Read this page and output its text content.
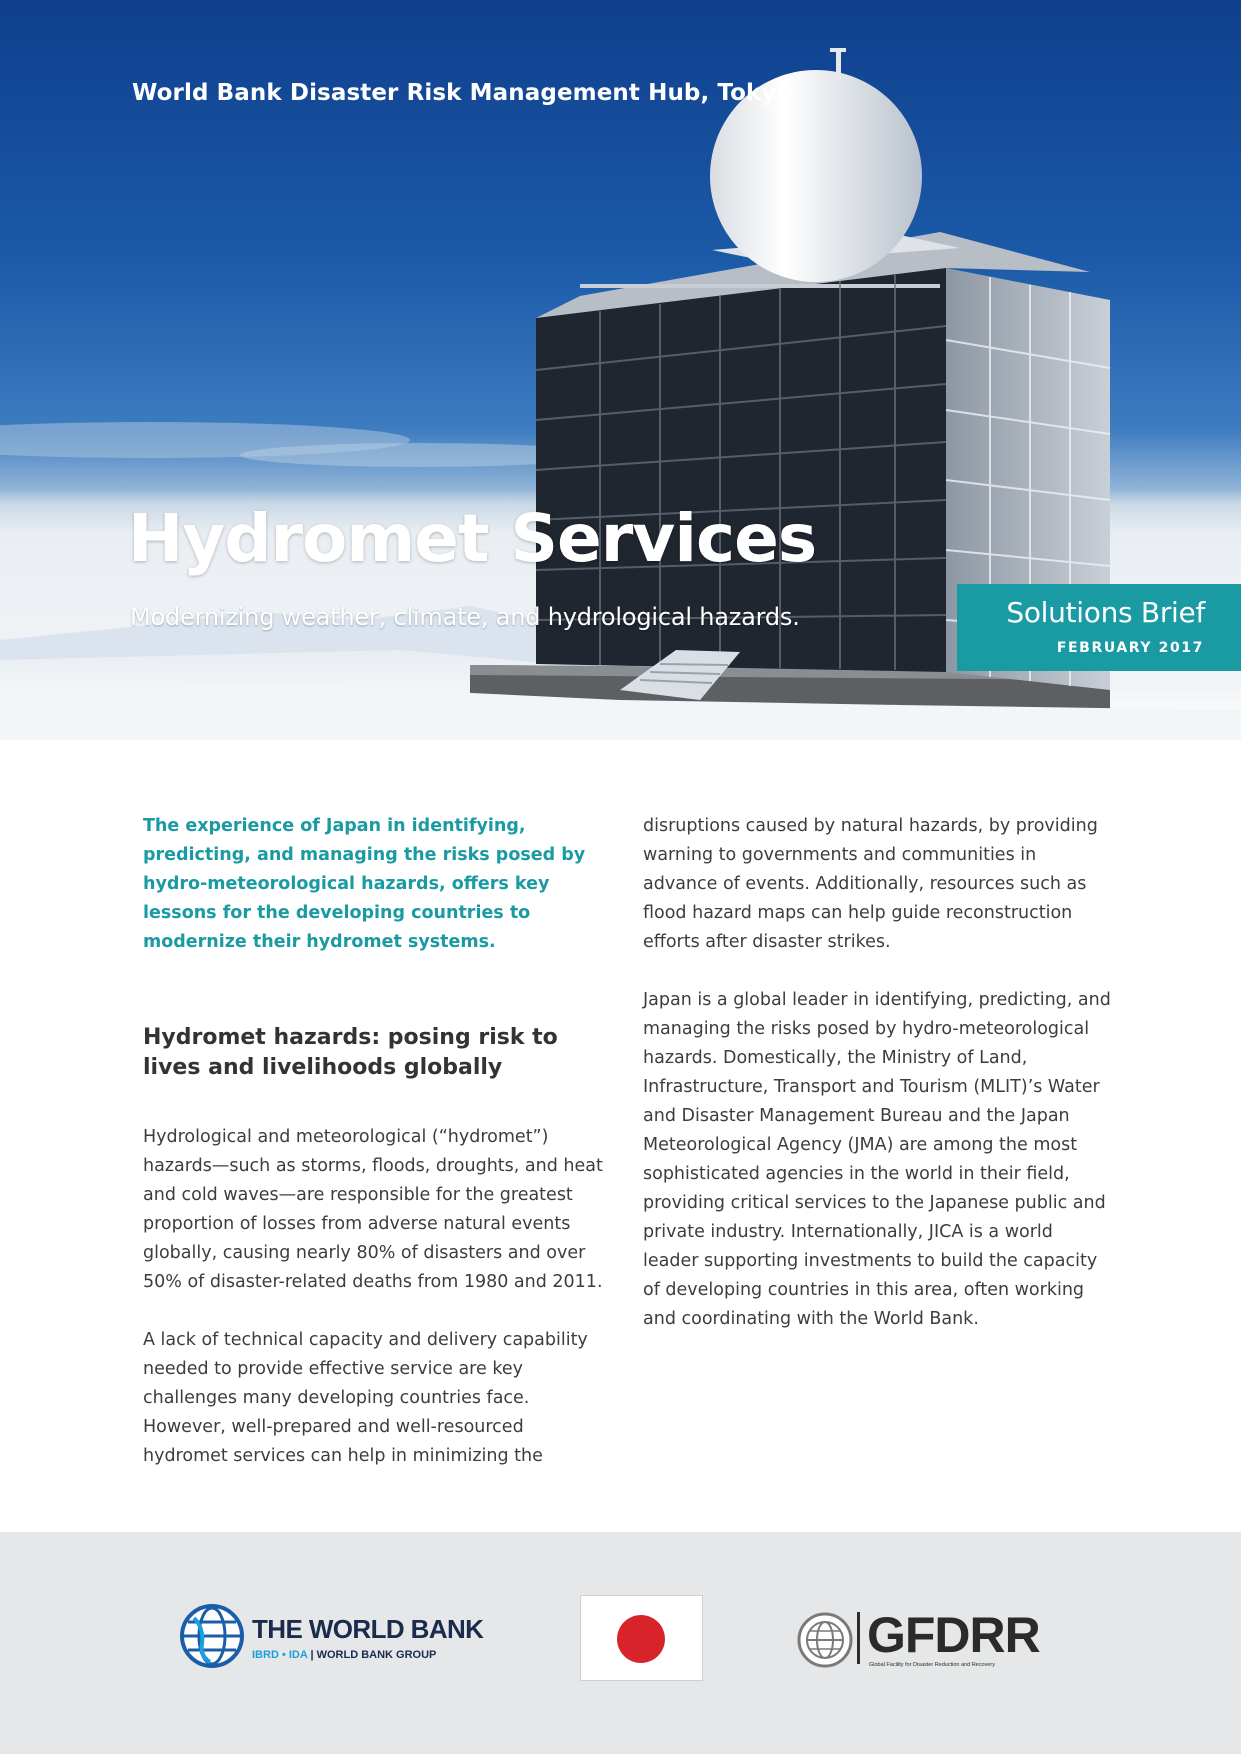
World Bank Disaster Risk Management Hub, Tokyo
Hydromet Services
Modernizing weather, climate, and hydrological hazards.	Solutions Brief
FEBRUARY 2017

The experience of Japan in identifying, predicting, and managing the risks posed by hydro-meteorological hazards, offers key lessons for the developing countries to modernize their hydromet systems.

Hydromet hazards: posing risk to lives and livelihoods globally

Hydrological and meteorological (“hydromet”) hazards—such as storms, floods, droughts, and heat and cold waves—are responsible for the greatest proportion of losses from adverse natural events globally, causing nearly 80% of disasters and over 50% of disaster-related deaths from 1980 and 2011.

A lack of technical capacity and delivery capability needed to provide effective service are key challenges many developing countries face. However, well-prepared and well-resourced hydromet services can help in minimizing the

disruptions caused by natural hazards, by providing warning to governments and communities in advance of events. Additionally, resources such as flood hazard maps can help guide reconstruction efforts after disaster strikes.

Japan is a global leader in identifying, predicting, and managing the risks posed by hydro-meteorological hazards. Domestically, the Ministry of Land, Infrastructure, Transport and Tourism (MLIT)’s Water and Disaster Management Bureau and the Japan Meteorological Agency (JMA) are among the most sophisticated agencies in the world in their field, providing critical services to the Japanese public and private industry. Internationally, JICA is a world leader supporting investments to build the capacity of developing countries in this area, often working and coordinating with the World Bank.

THE WORLD BANK
IBRD • IDA | WORLD BANK GROUP	GFDRR
Global Facility for Disaster Reduction and Recovery
